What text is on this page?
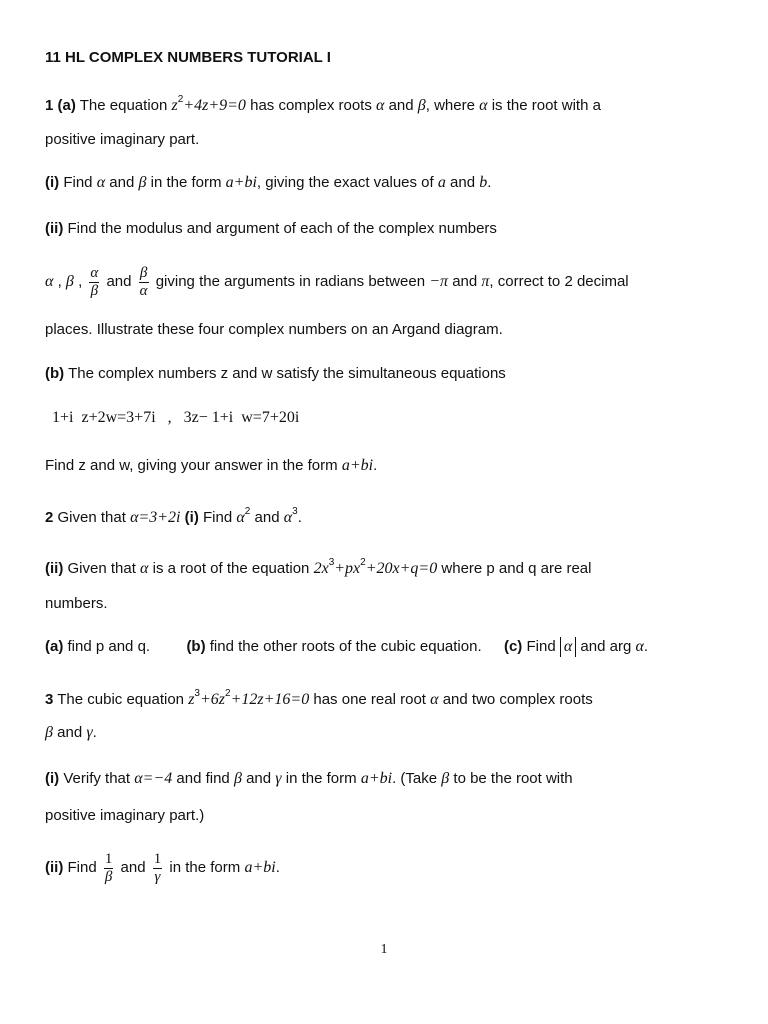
11 HL COMPLEX NUMBERS TUTORIAL I
1 (a) The equation $z^2+4z+9=0$ has complex roots α and β, where α is the root with a
positive imaginary part.
(i) Find α and β in the form a+bi, giving the exact values of a and b.
(ii) Find the modulus and argument of each of the complex numbers
α , β , $\frac{\alpha}{\beta}$ and $\frac{\beta}{\alpha}$ giving the arguments in radians between −π and π, correct to 2 decimal
places. Illustrate these four complex numbers on an Argand diagram.
(b) The complex numbers z and w satisfy the simultaneous equations
1+i  z+2w=3+7i   ,   3z− 1+i  w=7+20i
Find z and w, giving your answer in the form a+bi.
2 Given that α=3+2i (i) Find $\alpha^2$ and $\alpha^3$.
(ii) Given that α is a root of the equation $2x^3+px^2+20x+q=0$ where p and q are real
numbers.
(a) find p and q. (b) find the other roots of the cubic equation. (c) Find α and arg α.
3 The cubic equation $z^3+6z^2+12z+16=0$ has one real root α and two complex roots
β and γ.
(i) Verify that α=−4 and find β and γ in the form a+bi. (Take β to be the root with
positive imaginary part.)
(ii) Find $\frac{1}{\beta}$ and $\frac{1}{\gamma}$ in the form a+bi.
1
